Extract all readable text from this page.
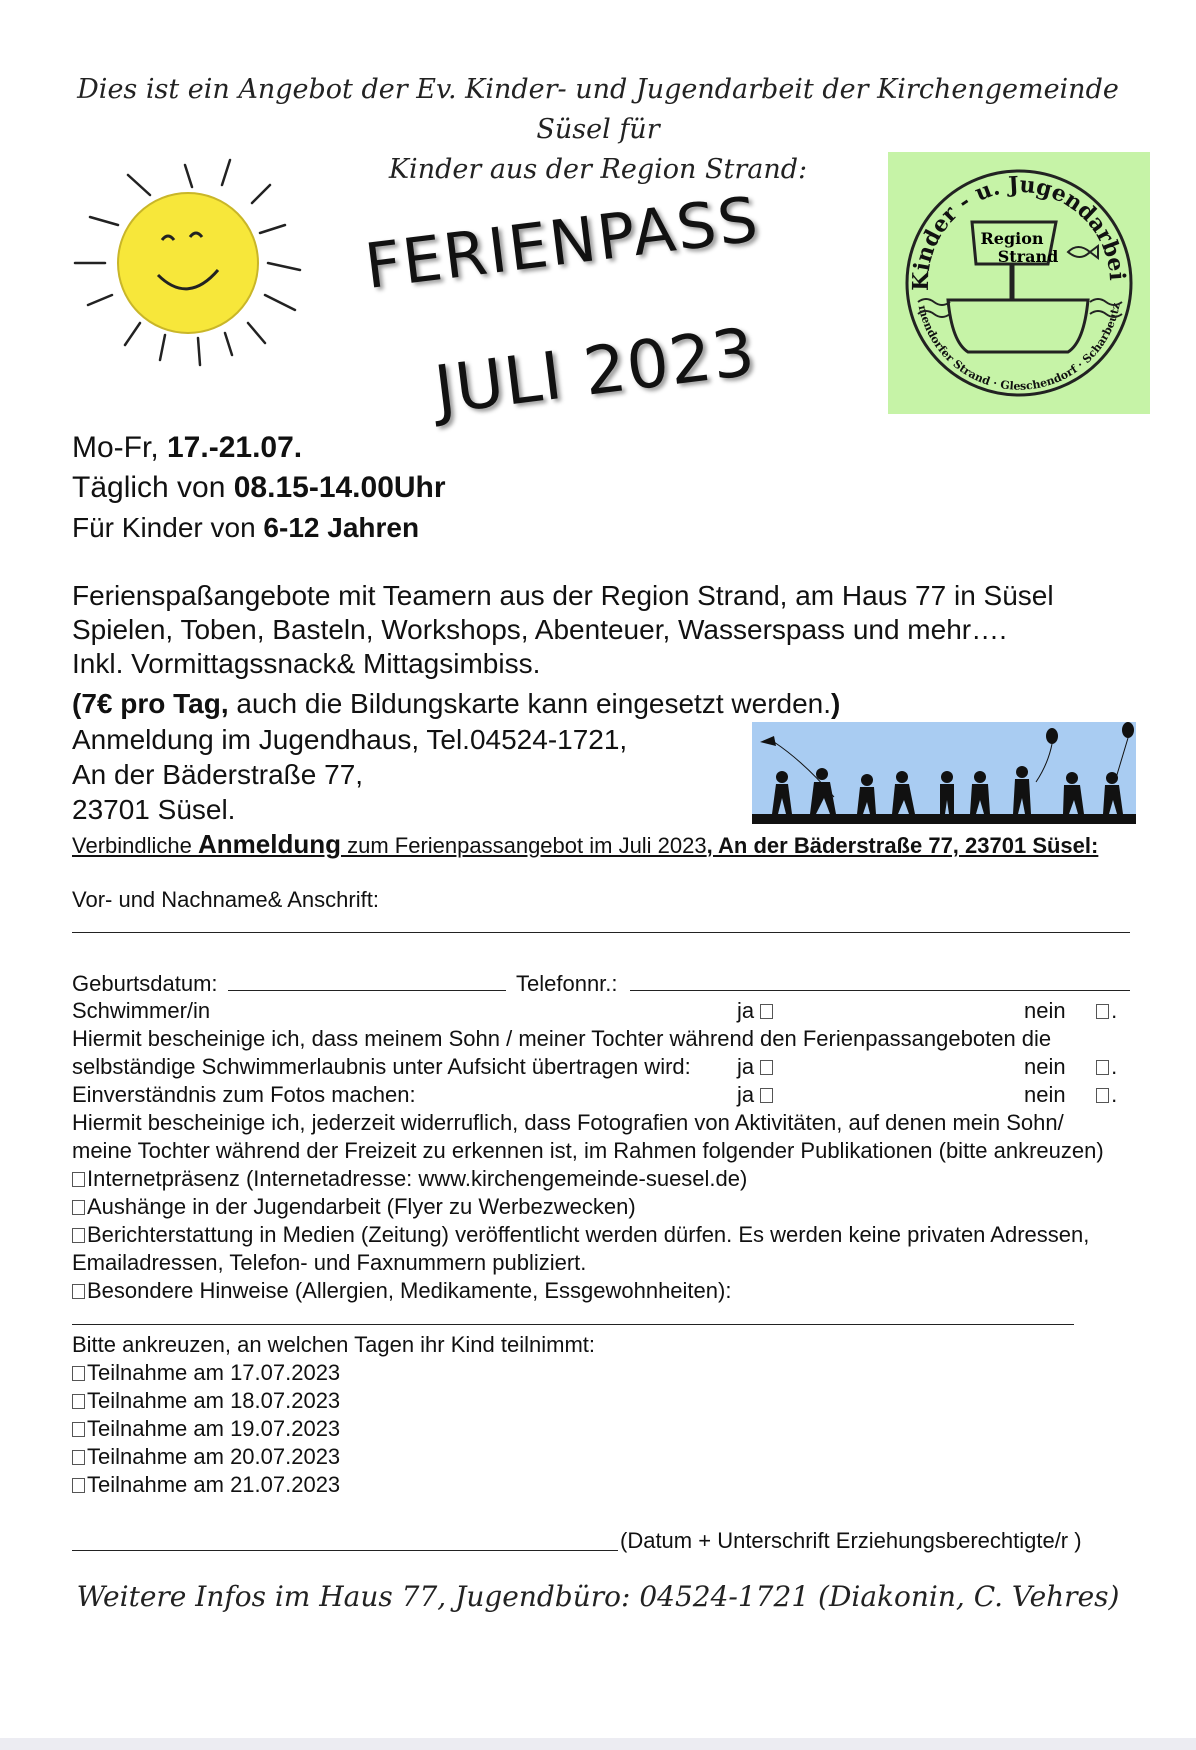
Dies ist ein Angebot der Ev. Kinder- und Jugendarbeit der Kirchengemeinde Süsel für
Kinder aus der Region Strand:
FERIENPASS
JULI 2023
Kinder - u. Jugendarbei
mendorfer Strand · Gleschendorf · Scharbeutz
Region
Strand
Mo-Fr, 17.-21.07.
Täglich von 08.15-14.00Uhr
Für Kinder von 6-12 Jahren
Ferienspaßangebote mit Teamern aus der Region Strand, am Haus 77 in Süsel
Spielen, Toben, Basteln, Workshops, Abenteuer, Wasserspass und mehr….
Inkl. Vormittagssnack& Mittagsimbiss.
(7€ pro Tag, auch die Bildungskarte kann eingesetzt werden.)
Anmeldung im Jugendhaus, Tel.04524-1721,
An der Bäderstraße 77,
23701 Süsel.
Verbindliche Anmeldung zum Ferienpassangebot im Juli 2023, An der Bäderstraße 77, 23701 Süsel:
Vor- und Nachname& Anschrift:
Geburtsdatum:	Telefonnr.:
Schwimmer/in	ja	nein .
Hiermit bescheinige ich, dass meinem Sohn / meiner Tochter während den Ferienpassangeboten die
selbständige Schwimmerlaubnis unter Aufsicht übertragen wird:	ja	nein .
Einverständnis zum Fotos machen:	ja	nein .
Hiermit bescheinige ich, jederzeit widerruflich, dass Fotografien von Aktivitäten, auf denen mein Sohn/
meine Tochter während der Freizeit zu erkennen ist, im Rahmen folgender Publikationen (bitte ankreuzen)
Internetpräsenz (Internetadresse: www.kirchengemeinde-suesel.de)
Aushänge in der Jugendarbeit (Flyer zu Werbezwecken)
Berichterstattung in Medien (Zeitung) veröffentlicht werden dürfen. Es werden keine privaten Adressen,
Emailadressen, Telefon- und Faxnummern publiziert.
Besondere Hinweise (Allergien, Medikamente, Essgewohnheiten):
Bitte ankreuzen, an welchen Tagen ihr Kind teilnimmt:
Teilnahme am 17.07.2023
Teilnahme am 18.07.2023
Teilnahme am 19.07.2023
Teilnahme am 20.07.2023
Teilnahme am 21.07.2023
(Datum + Unterschrift Erziehungsberechtigte/r )
Weitere Infos im Haus 77, Jugendbüro: 04524-1721 (Diakonin, C. Vehres)
